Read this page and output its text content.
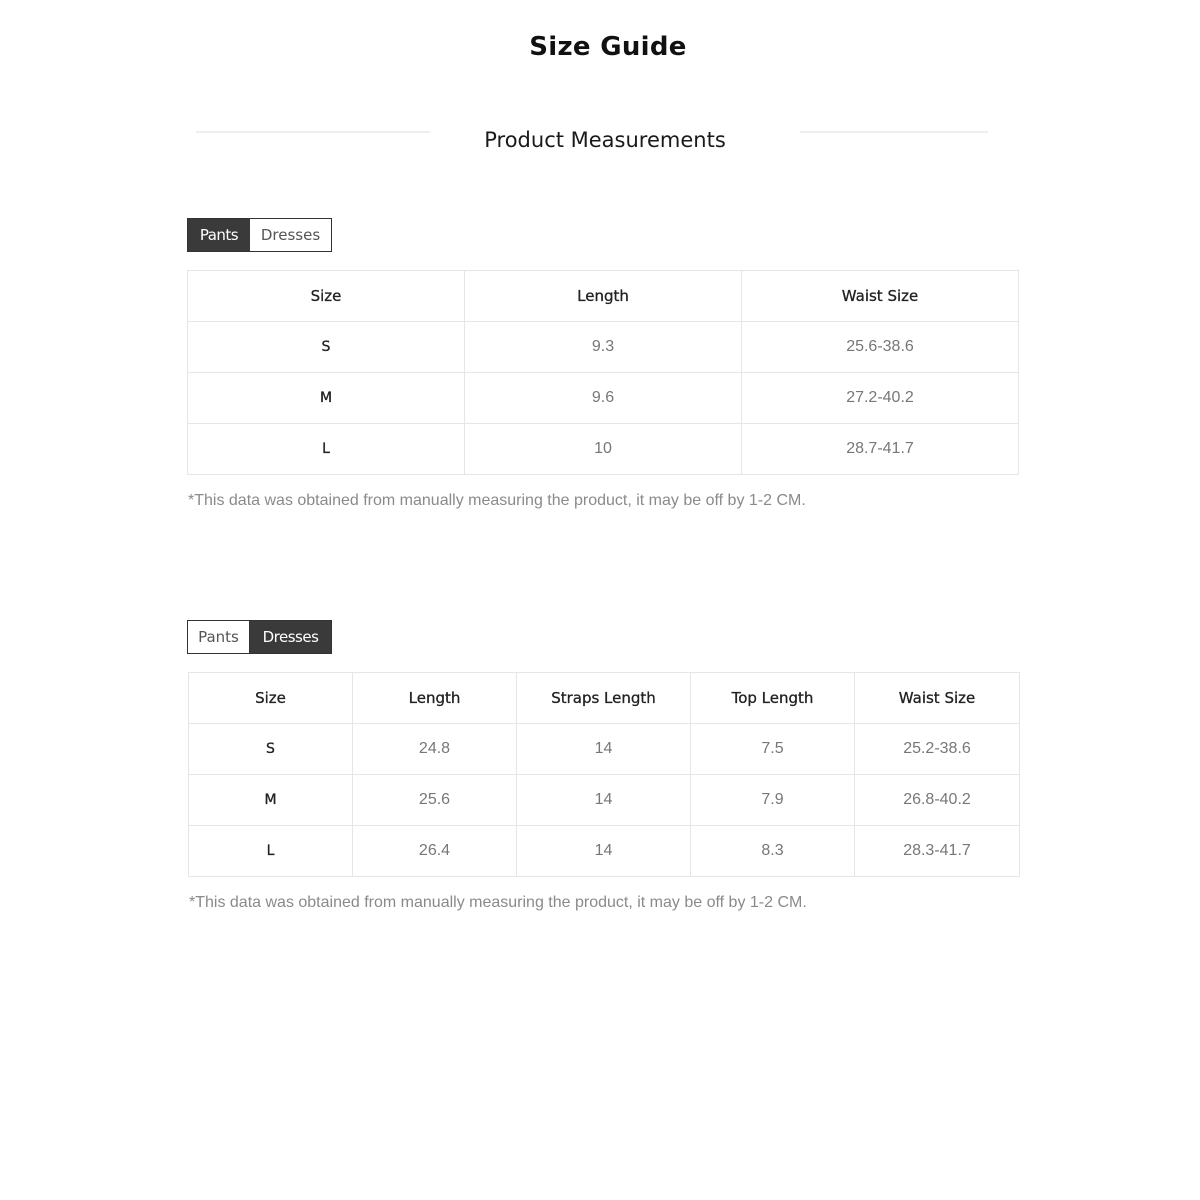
Size Guide
Product Measurements
Pants	Dresses
Size	Length	Waist Size
S	9.3	25.6-38.6
M	9.6	27.2-40.2
L	10	28.7-41.7
*This data was obtained from manually measuring the product, it may be off by 1-2 CM.
Pants	Dresses
Size	Length	Straps Length	Top Length	Waist Size
S	24.8	14	7.5	25.2-38.6
M	25.6	14	7.9	26.8-40.2
L	26.4	14	8.3	28.3-41.7
*This data was obtained from manually measuring the product, it may be off by 1-2 CM.
